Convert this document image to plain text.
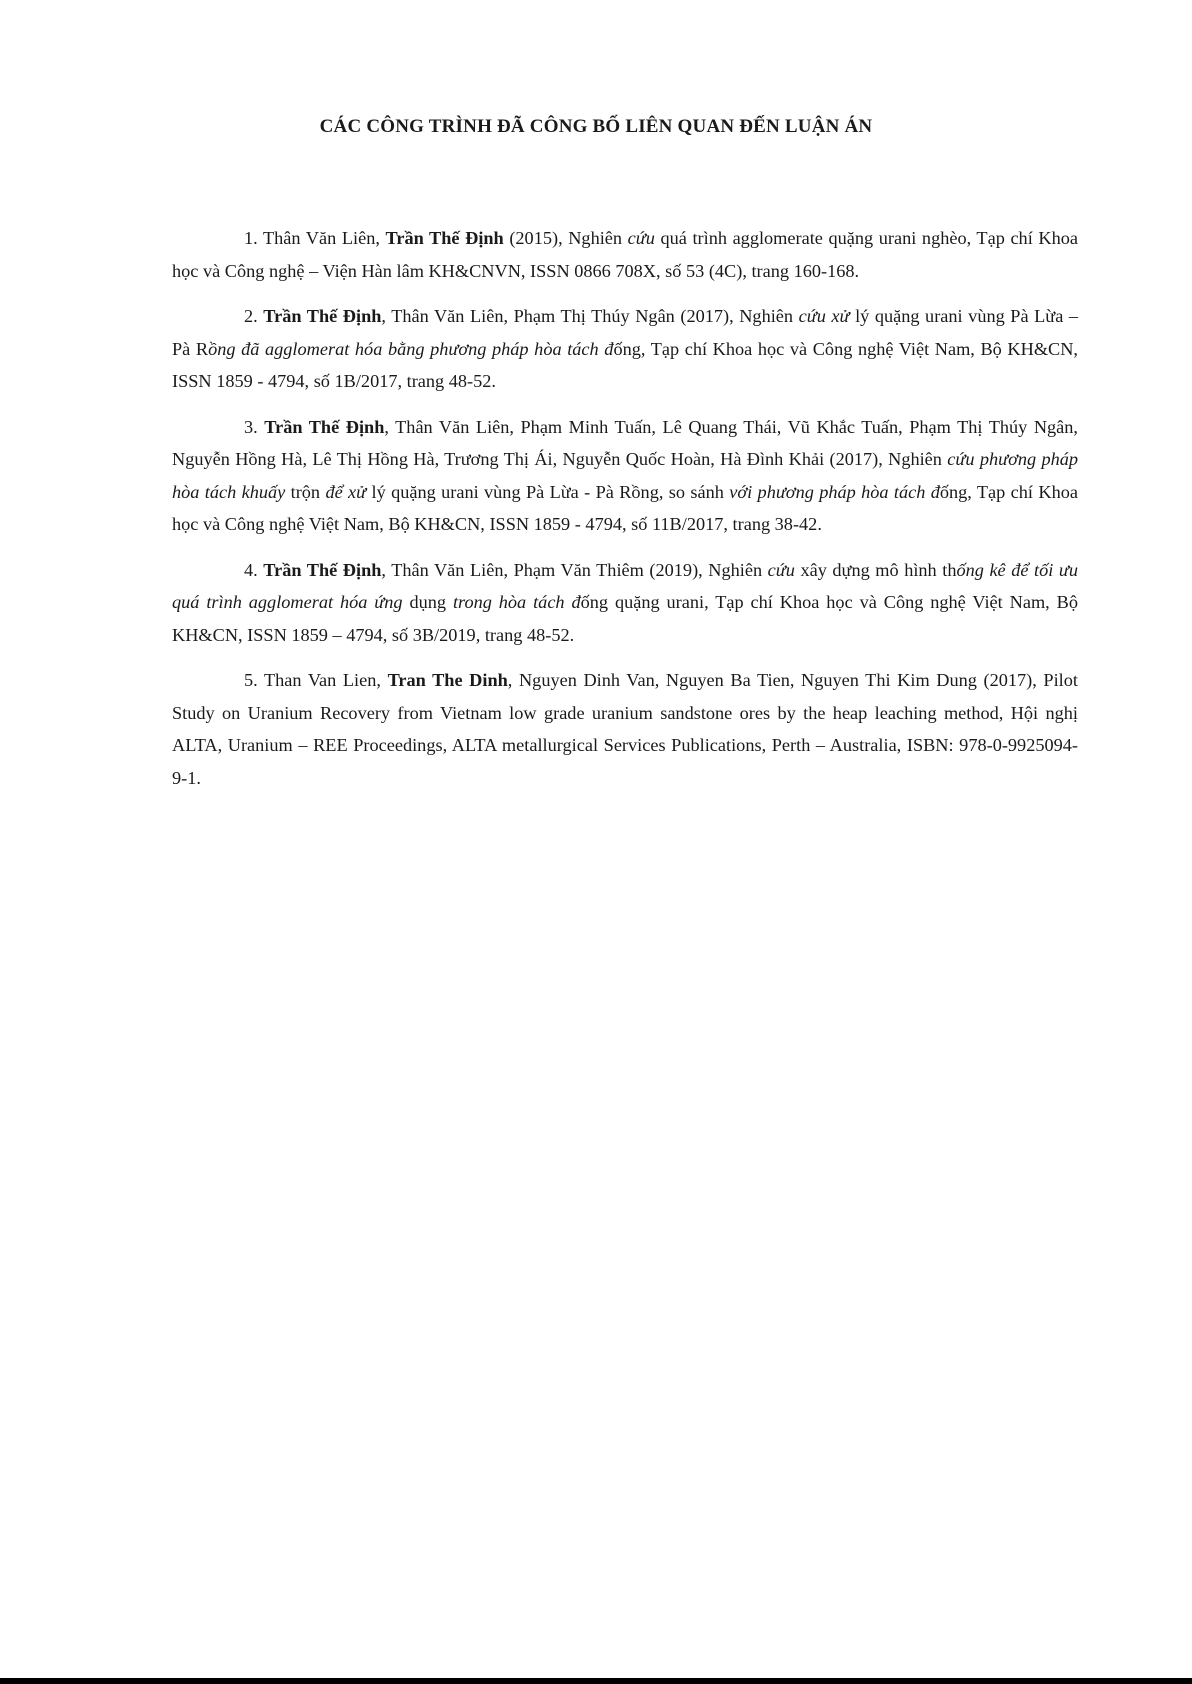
CÁC CÔNG TRÌNH ĐÃ CÔNG BỐ LIÊN QUAN ĐẾN LUẬN ÁN

1. Thân Văn Liên, Trần Thế Định (2015), Nghiên cứu quá trình agglomerate quặng urani nghèo, Tạp chí Khoa học và Công nghệ – Viện Hàn lâm KH&CNVN, ISSN 0866 708X, số 53 (4C), trang 160-168.

2. Trần Thế Định, Thân Văn Liên, Phạm Thị Thúy Ngân (2017), Nghiên cứu xử lý quặng urani vùng Pà Lừa – Pà Rồng đã agglomerat hóa bằng phương pháp hòa tách đống, Tạp chí Khoa học và Công nghệ Việt Nam, Bộ KH&CN, ISSN 1859 - 4794, số 1B/2017, trang 48-52.

3. Trần Thế Định, Thân Văn Liên, Phạm Minh Tuấn, Lê Quang Thái, Vũ Khắc Tuấn, Phạm Thị Thúy Ngân, Nguyễn Hồng Hà, Lê Thị Hồng Hà, Trương Thị Ái, Nguyễn Quốc Hoàn, Hà Đình Khải (2017), Nghiên cứu phương pháp hòa tách khuấy trộn để xử lý quặng urani vùng Pà Lừa - Pà Rồng, so sánh với phương pháp hòa tách đống, Tạp chí Khoa học và Công nghệ Việt Nam, Bộ KH&CN, ISSN 1859 - 4794, số 11B/2017, trang 38-42.

4. Trần Thế Định, Thân Văn Liên, Phạm Văn Thiêm (2019), Nghiên cứu xây dựng mô hình thống kê để tối ưu quá trình agglomerat hóa ứng dụng trong hòa tách đống quặng urani, Tạp chí Khoa học và Công nghệ Việt Nam, Bộ KH&CN, ISSN 1859 – 4794, số 3B/2019, trang 48-52.

5. Than Van Lien, Tran The Dinh, Nguyen Dinh Van, Nguyen Ba Tien, Nguyen Thi Kim Dung (2017), Pilot Study on Uranium Recovery from Vietnam low grade uranium sandstone ores by the heap leaching method, Hội nghị ALTA, Uranium – REE Proceedings, ALTA metallurgical Services Publications, Perth – Australia, ISBN: 978-0-9925094-9-1.
